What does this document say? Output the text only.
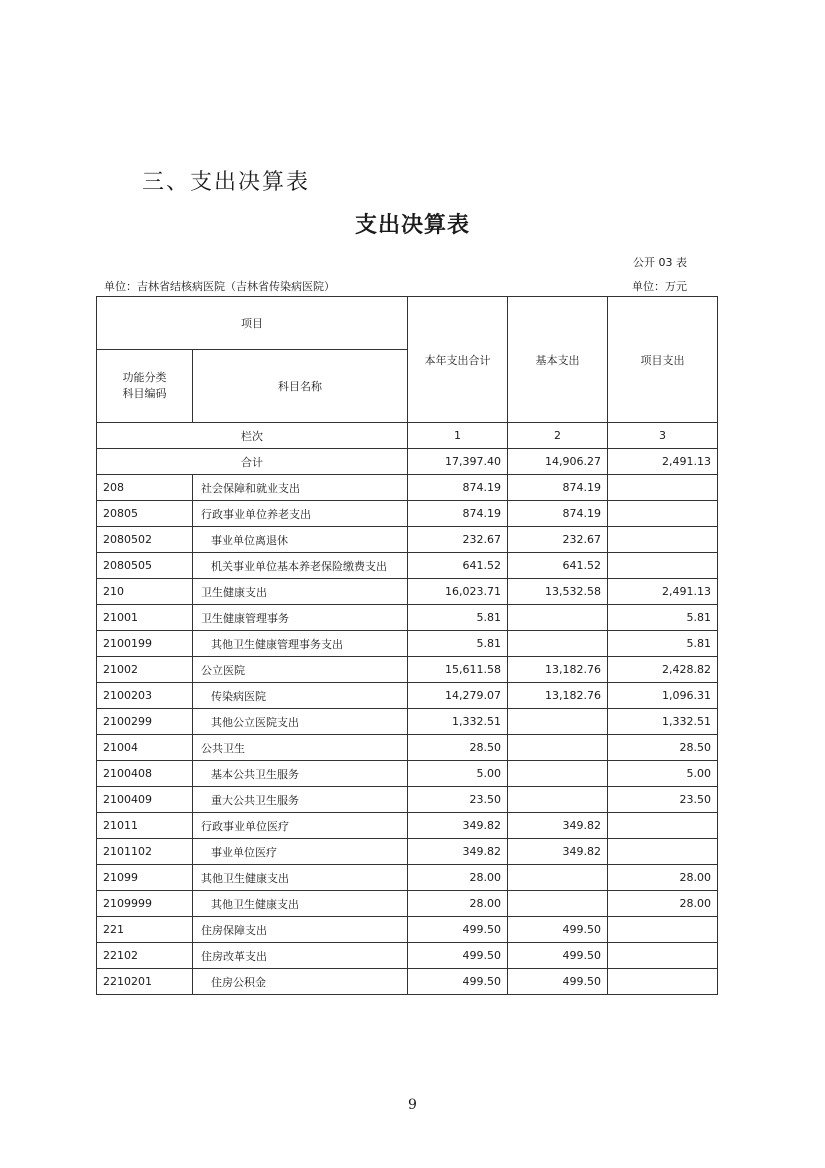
三、支出决算表
支出决算表
公开 03 表
单位：吉林省结核病医院（吉林省传染病医院）	单位：万元
项目		本年支出合计	基本支出	项目支出

功能分类
科目编码	科目名称			
栏次		1	2	3
合计		17,397.40	14,906.27	2,491.13
208	社会保障和就业支出	874.19	874.19	
20805	行政事业单位养老支出	874.19	874.19	
2080502	事业单位离退休	232.67	232.67	
2080505	机关事业单位基本养老保险缴费支出	641.52	641.52	
210	卫生健康支出	16,023.71	13,532.58	2,491.13
21001	卫生健康管理事务	5.81		5.81
2100199	其他卫生健康管理事务支出	5.81		5.81
21002	公立医院	15,611.58	13,182.76	2,428.82
2100203	传染病医院	14,279.07	13,182.76	1,096.31
2100299	其他公立医院支出	1,332.51		1,332.51
21004	公共卫生	28.50		28.50
2100408	基本公共卫生服务	5.00		5.00
2100409	重大公共卫生服务	23.50		23.50
21011	行政事业单位医疗	349.82	349.82	
2101102	事业单位医疗	349.82	349.82	
21099	其他卫生健康支出	28.00		28.00
2109999	其他卫生健康支出	28.00		28.00
221	住房保障支出	499.50	499.50	
22102	住房改革支出	499.50	499.50	
2210201	住房公积金	499.50	499.50	
9
